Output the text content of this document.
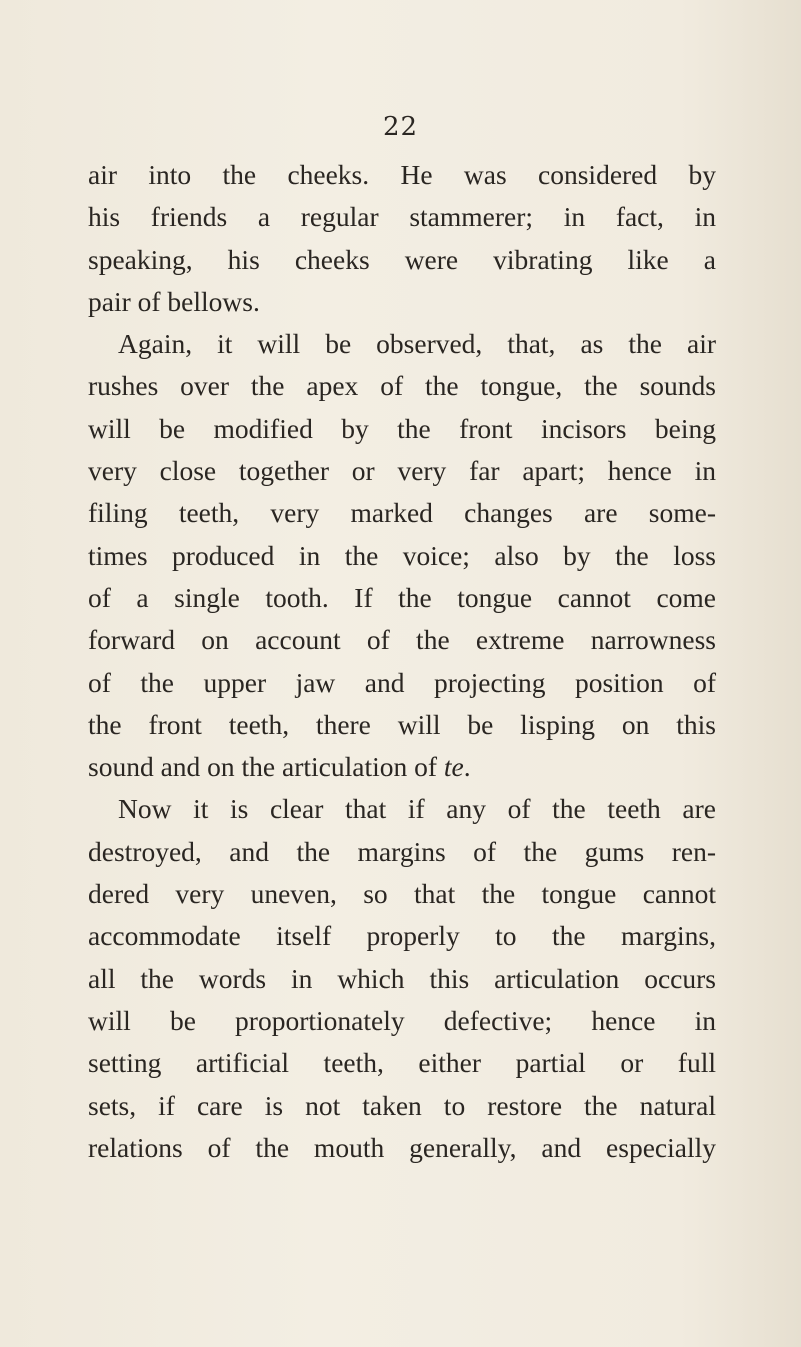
22
air into the cheeks. He was considered by
his friends a regular stammerer; in fact, in
speaking, his cheeks were vibrating like a
pair of bellows.
Again, it will be observed, that, as the air
rushes over the apex of the tongue, the sounds
will be modified by the front incisors being
very close together or very far apart; hence in
filing teeth, very marked changes are some-
times produced in the voice; also by the loss
of a single tooth. If the tongue cannot come
forward on account of the extreme narrowness
of the upper jaw and projecting position of
the front teeth, there will be lisping on this
sound and on the articulation of te.
Now it is clear that if any of the teeth are
destroyed, and the margins of the gums ren-
dered very uneven, so that the tongue cannot
accommodate itself properly to the margins,
all the words in which this articulation occurs
will be proportionately defective; hence in
setting artificial teeth, either partial or full
sets, if care is not taken to restore the natural
relations of the mouth generally, and especially
